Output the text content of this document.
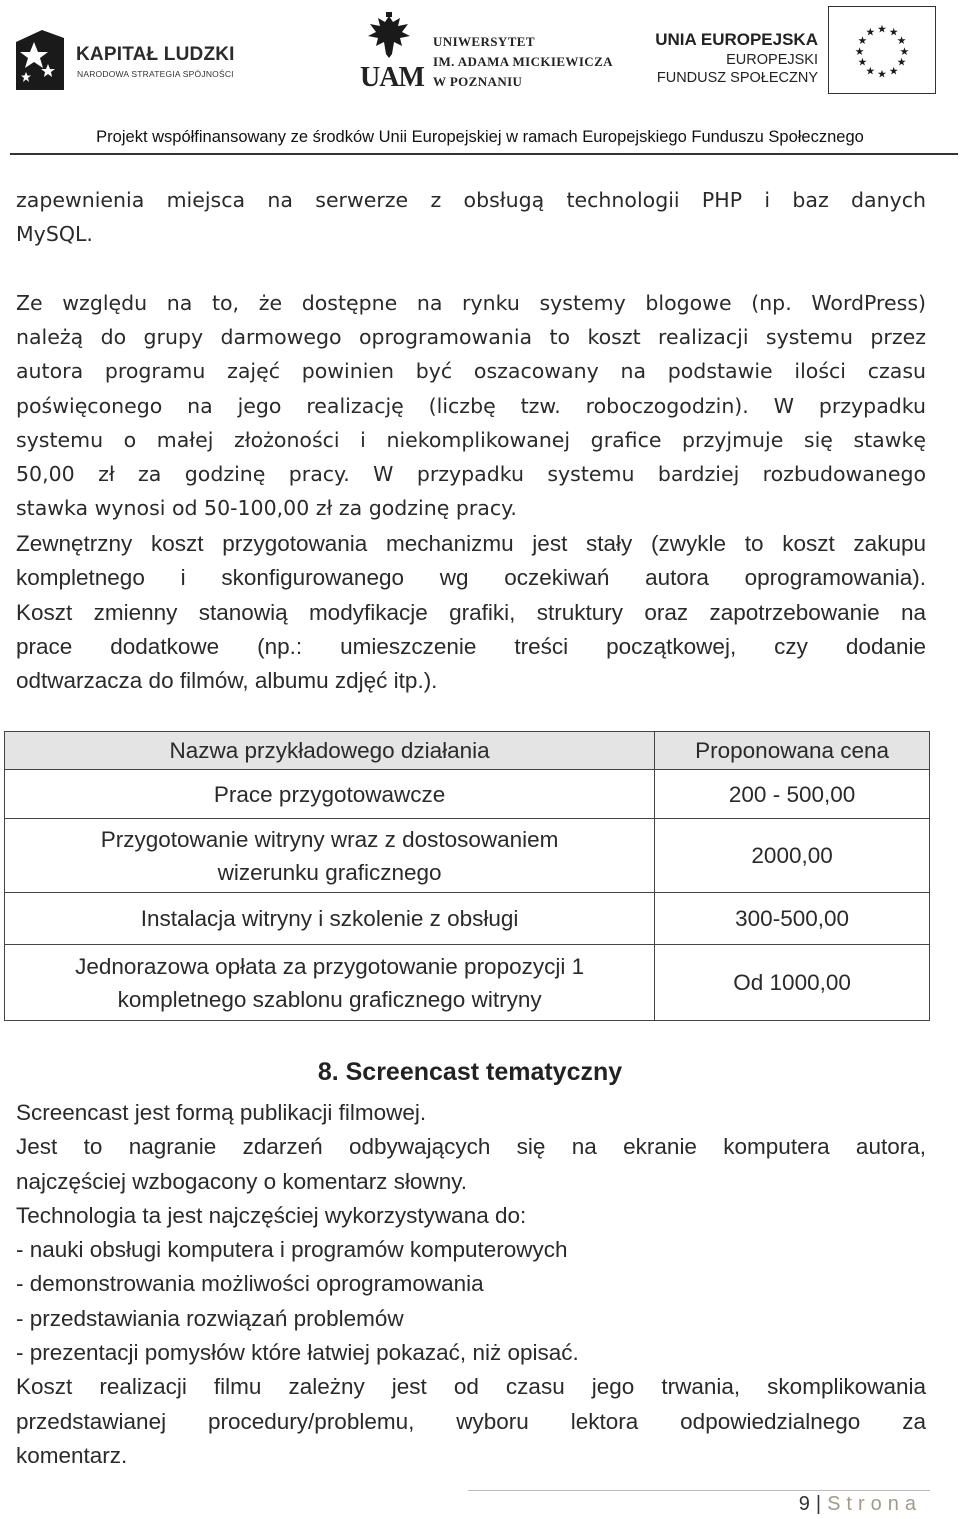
KAPITAŁ LUDZKI
NARODOWA STRATEGIA SPÓJNOŚCI	UAM
UNIWERSYTET
IM. ADAMA MICKIEWICZA
W POZNANIU
UNIA EUROPEJSKA
EUROPEJSKI
FUNDUSZ SPOŁECZNY
★ ★
★
★
★
★
★
★
★
★
★
★
Projekt współfinansowany ze środków Unii Europejskiej w ramach Europejskiego Funduszu Społecznego
zapewnienia miejsca na serwerze z obsługą technologii PHP i baz danych
MySQL.
Ze względu na to, że dostępne na rynku systemy blogowe (np. WordPress)
należą do grupy darmowego oprogramowania to koszt realizacji systemu przez
autora programu zajęć powinien być oszacowany na podstawie ilości czasu
poświęconego na jego realizację (liczbę tzw. roboczogodzin). W przypadku
systemu o małej złożoności i niekomplikowanej grafice przyjmuje się stawkę
50,00 zł za godzinę pracy. W przypadku systemu bardziej rozbudowanego
stawka wynosi od 50-100,00 zł za godzinę pracy.
Zewnętrzny koszt przygotowania mechanizmu jest stały (zwykle to koszt zakupu
kompletnego i skonfigurowanego wg oczekiwań autora oprogramowania).
Koszt zmienny stanowią modyfikacje grafiki, struktury oraz zapotrzebowanie na
prace dodatkowe (np.: umieszczenie treści początkowej, czy dodanie
odtwarzacza do filmów, albumu zdjęć itp.).
Nazwa przykładowego działania	Proponowana cena
Prace przygotowawcze	200 - 500,00

Przygotowanie witryny wraz z dostosowaniem
wizerunku graficznego	2000,00
Instalacja witryny i szkolenie z obsługi	300-500,00

Jednorazowa opłata za przygotowanie propozycji 1
kompletnego szablonu graficznego witryny	Od 1000,00
8. Screencast tematyczny
Screencast jest formą publikacji filmowej.
Jest to nagranie zdarzeń odbywających się na ekranie komputera autora,
najczęściej wzbogacony o komentarz słowny.
Technologia ta jest najczęściej wykorzystywana do:
- nauki obsługi komputera i programów komputerowych
- demonstrowania możliwości oprogramowania
- przedstawiania rozwiązań problemów
- prezentacji pomysłów które łatwiej pokazać, niż opisać.
Koszt realizacji filmu zależny jest od czasu jego trwania, skomplikowania
przedstawianej procedury/problemu, wyboru lektora odpowiedzialnego za
komentarz.
9 | Strona
